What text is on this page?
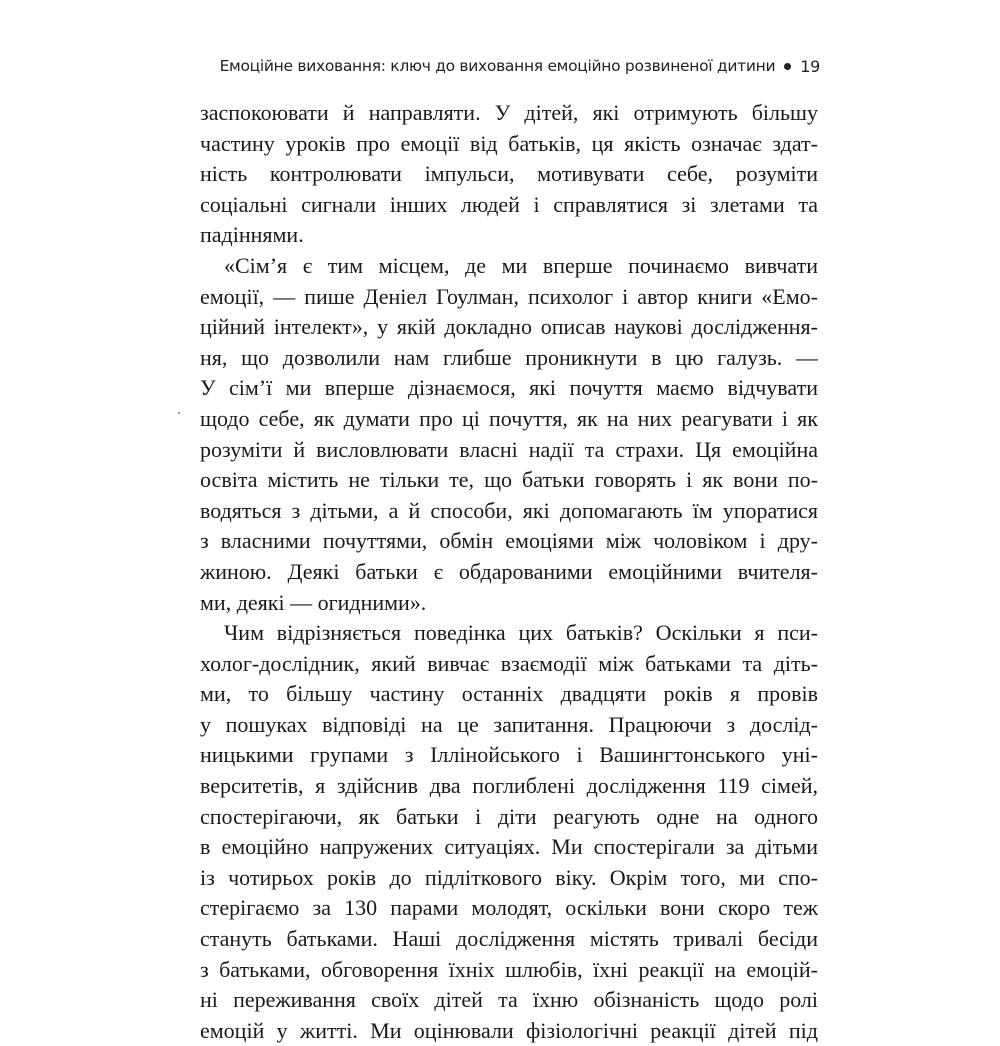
Емоційне виховання: ключ до виховання емоційно розвиненої дитини 19

заспокоювати й направляти. У дітей, які отримують більшу
частину уроків про емоції від батьків, ця якість означає здат-
ність контролювати імпульси, мотивувати себе, розуміти
соціальні сигнали інших людей і справлятися зі злетами та
падіннями.

«Сім’я є тим місцем, де ми вперше починаємо вивчати
емоції, — пише Деніел Гоулман, психолог і автор книги «Емо-
ційний інтелект», у якій докладно описав наукові дослідження-
ня, що дозволили нам глибше проникнути в цю галузь. —
У сім’ї ми вперше дізнаємося, які почуття маємо відчувати
щодо себе, як думати про ці почуття, як на них реагувати і як
розуміти й висловлювати власні надії та страхи. Ця емоційна
освіта містить не тільки те, що батьки говорять і як вони по-
водяться з дітьми, а й способи, які допомагають їм упоратися
з власними почуттями, обмін емоціями між чоловіком і дру-
жиною. Деякі батьки є обдарованими емоційними вчителя-
ми, деякі — огидними».

Чим відрізняється поведінка цих батьків? Оскільки я пси-
холог-дослідник, який вивчає взаємодії між батьками та діть-
ми, то більшу частину останніх двадцяти років я провів
у пошуках відповіді на це запитання. Працюючи з дослід-
ницькими групами з Іллінойського і Вашингтонського уні-
верситетів, я здійснив два поглиблені дослідження 119 сімей,
спостерігаючи, як батьки і діти реагують одне на одного
в емоційно напружених ситуаціях. Ми спостерігали за дітьми
із чотирьох років до підліткового віку. Окрім того, ми спо-
стерігаємо за 130 парами молодят, оскільки вони скоро теж
стануть батьками. Наші дослідження містять тривалі бесіди
з батьками, обговорення їхніх шлюбів, їхні реакції на емоцій-
ні переживання своїх дітей та їхню обізнаність щодо ролі
емоцій у житті. Ми оцінювали фізіологічні реакції дітей під
